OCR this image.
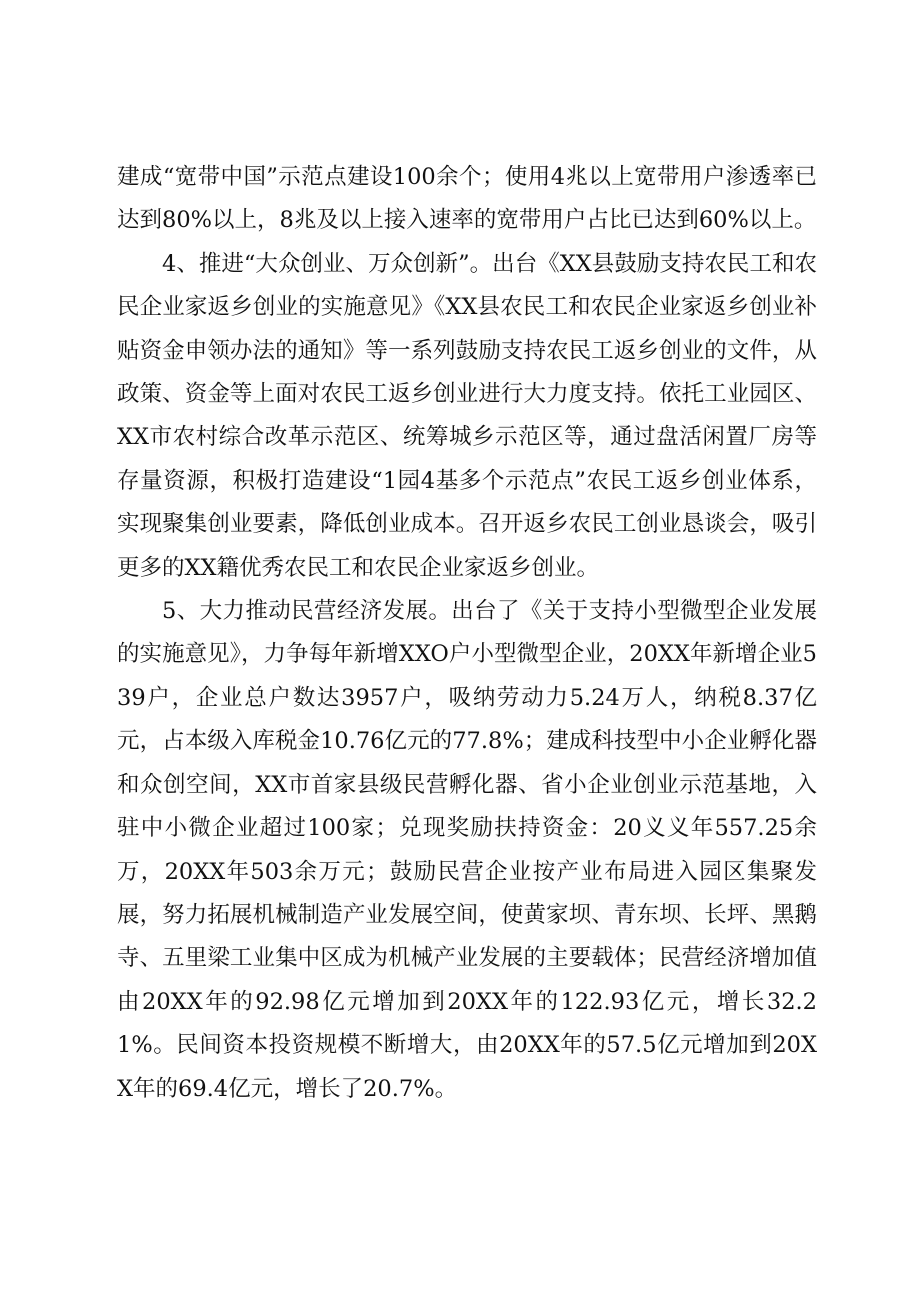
建成“宽带中国”示范点建设100余个；使用4兆以上宽带用户渗透率已达到80%以上，8兆及以上接入速率的宽带用户占比已达到60%以上。

4、推进“大众创业、万众创新”。出台《XX县鼓励支持农民工和农民企业家返乡创业的实施意见》《XX县农民工和农民企业家返乡创业补贴资金申领办法的通知》等一系列鼓励支持农民工返乡创业的文件，从政策、资金等上面对农民工返乡创业进行大力度支持。依托工业园区、XX市农村综合改革示范区、统筹城乡示范区等，通过盘活闲置厂房等存量资源，积极打造建设“1园4基多个示范点”农民工返乡创业体系，实现聚集创业要素，降低创业成本。召开返乡农民工创业恳谈会，吸引更多的XX籍优秀农民工和农民企业家返乡创业。

5、大力推动民营经济发展。出台了《关于支持小型微型企业发展的实施意见》，力争每年新增XXO户小型微型企业，20XX年新增企业539户，企业总户数达3957户，吸纳劳动力5.24万人，纳税8.37亿元，占本级入库税金10.76亿元的77.8%；建成科技型中小企业孵化器和众创空间，XX市首家县级民营孵化器、省小企业创业示范基地，入驻中小微企业超过100家；兑现奖励扶持资金：20义义年557.25余万，20XX年503余万元；鼓励民营企业按产业布局进入园区集聚发展，努力拓展机械制造产业发展空间，使黄家坝、青东坝、长坪、黑鹅寺、五里梁工业集中区成为机械产业发展的主要载体；民营经济增加值由20XX年的92.98亿元增加到20XX年的122.93亿元，增长32.21%。民间资本投资规模不断增大，由20XX年的57.5亿元增加到20XX年的69.4亿元，增长了20.7%。
